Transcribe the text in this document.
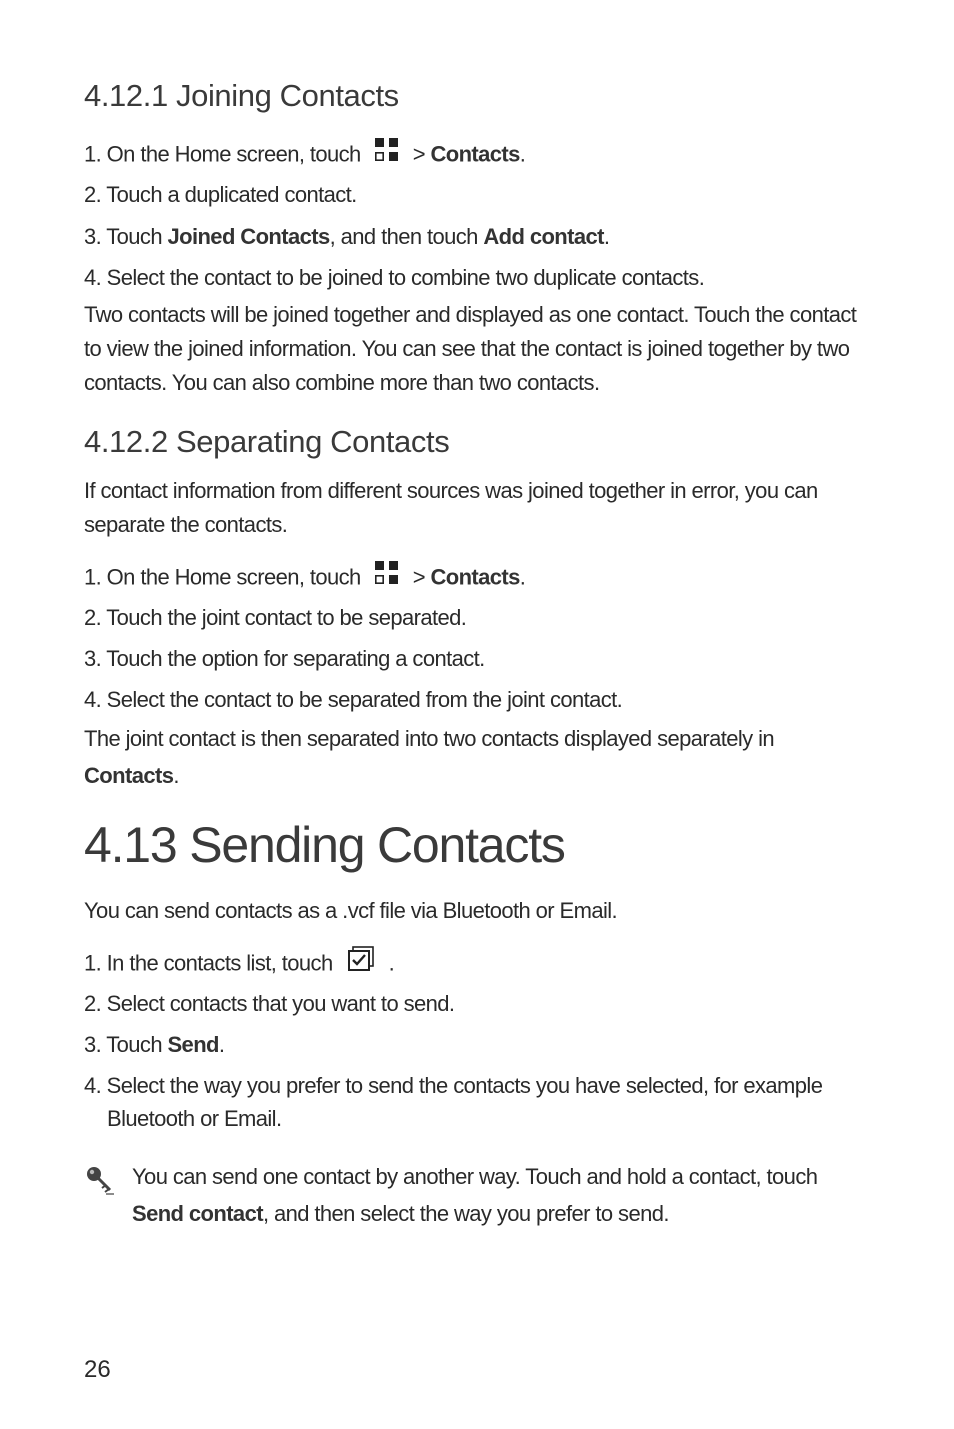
4.12.1 Joining Contacts
1. On the Home screen, touch > Contacts.
2. Touch a duplicated contact.
3. Touch Joined Contacts, and then touch Add contact.
4. Select the contact to be joined to combine two duplicate contacts.
Two contacts will be joined together and displayed as one contact. Touch the contact to view the joined information. You can see that the contact is joined together by two contacts. You can also combine more than two contacts.
4.12.2 Separating Contacts
If contact information from different sources was joined together in error, you can separate the contacts.
1. On the Home screen, touch > Contacts.
2. Touch the joint contact to be separated.
3. Touch the option for separating a contact.
4. Select the contact to be separated from the joint contact.
The joint contact is then separated into two contacts displayed separately in Contacts.
4.13 Sending Contacts
You can send contacts as a .vcf file via Bluetooth or Email.
1. In the contacts list, touch	.
2. Select contacts that you want to send.
3. Touch Send.
4. Select the way you prefer to send the contacts you have selected, for example
Bluetooth or Email.
You can send one contact by another way. Touch and hold a contact, touch Send contact, and then select the way you prefer to send.
26
